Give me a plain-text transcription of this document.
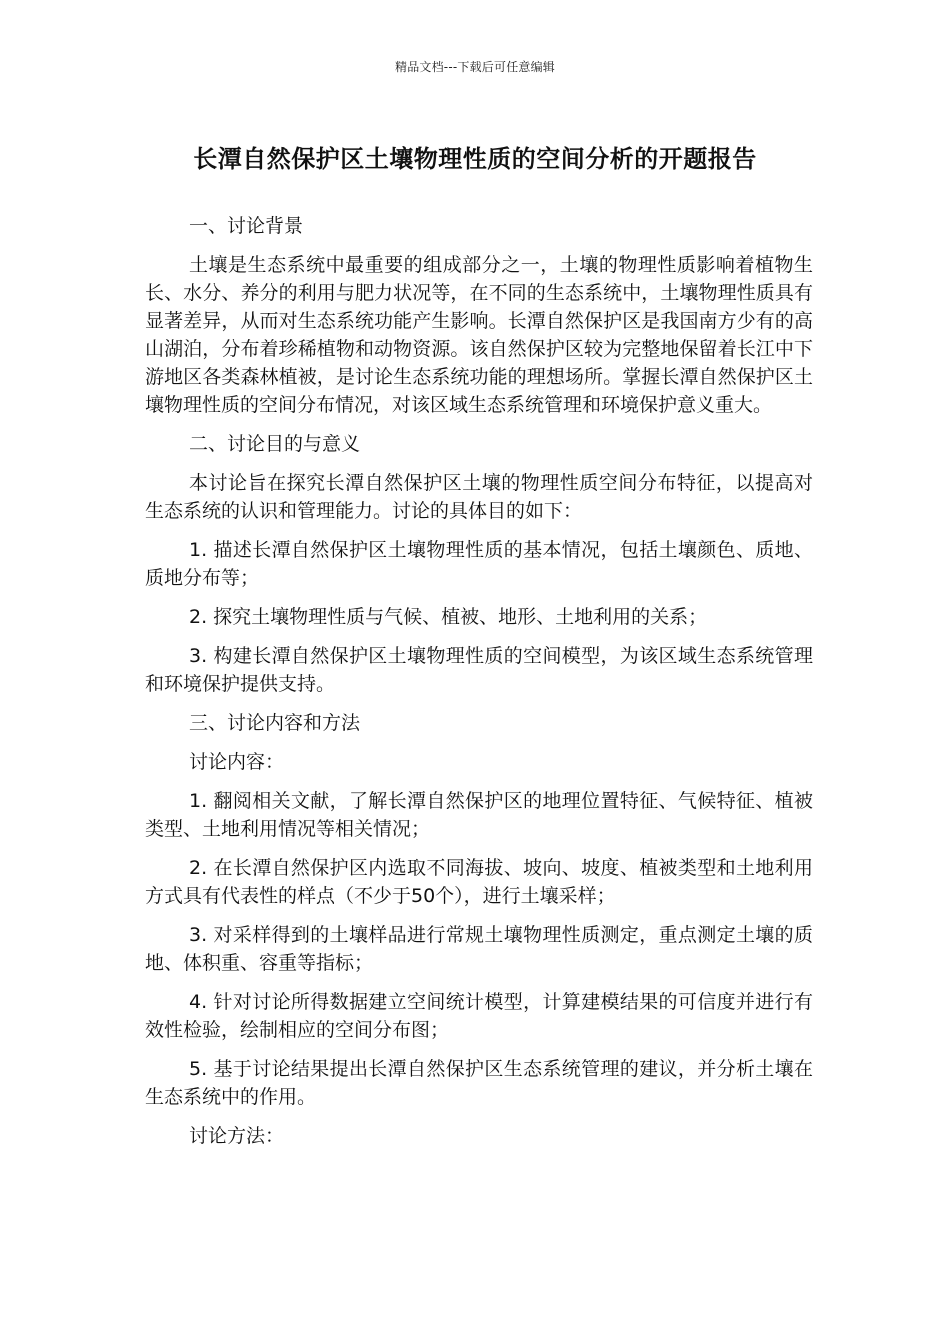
精品文档---下载后可任意编辑
长潭自然保护区土壤物理性质的空间分析的开题报告

一、讨论背景

土壤是生态系统中最重要的组成部分之一，土壤的物理性质影响着植物生长、水分、养分的利用与肥力状况等，在不同的生态系统中，土壤物理性质具有显著差异，从而对生态系统功能产生影响。长潭自然保护区是我国南方少有的高山湖泊，分布着珍稀植物和动物资源。该自然保护区较为完整地保留着长江中下游地区各类森林植被，是讨论生态系统功能的理想场所。掌握长潭自然保护区土壤物理性质的空间分布情况，对该区域生态系统管理和环境保护意义重大。

二、讨论目的与意义

本讨论旨在探究长潭自然保护区土壤的物理性质空间分布特征，以提高对生态系统的认识和管理能力。讨论的具体目的如下：

1. 描述长潭自然保护区土壤物理性质的基本情况，包括土壤颜色、质地、质地分布等；

2. 探究土壤物理性质与气候、植被、地形、土地利用的关系；

3. 构建长潭自然保护区土壤物理性质的空间模型，为该区域生态系统管理和环境保护提供支持。

三、讨论内容和方法

讨论内容：

1. 翻阅相关文献，了解长潭自然保护区的地理位置特征、气候特征、植被类型、土地利用情况等相关情况；

2. 在长潭自然保护区内选取不同海拔、坡向、坡度、植被类型和土地利用方式具有代表性的样点（不少于50个），进行土壤采样；

3. 对采样得到的土壤样品进行常规土壤物理性质测定，重点测定土壤的质地、体积重、容重等指标；

4. 针对讨论所得数据建立空间统计模型，计算建模结果的可信度并进行有效性检验，绘制相应的空间分布图；

5. 基于讨论结果提出长潭自然保护区生态系统管理的建议，并分析土壤在生态系统中的作用。

讨论方法：
